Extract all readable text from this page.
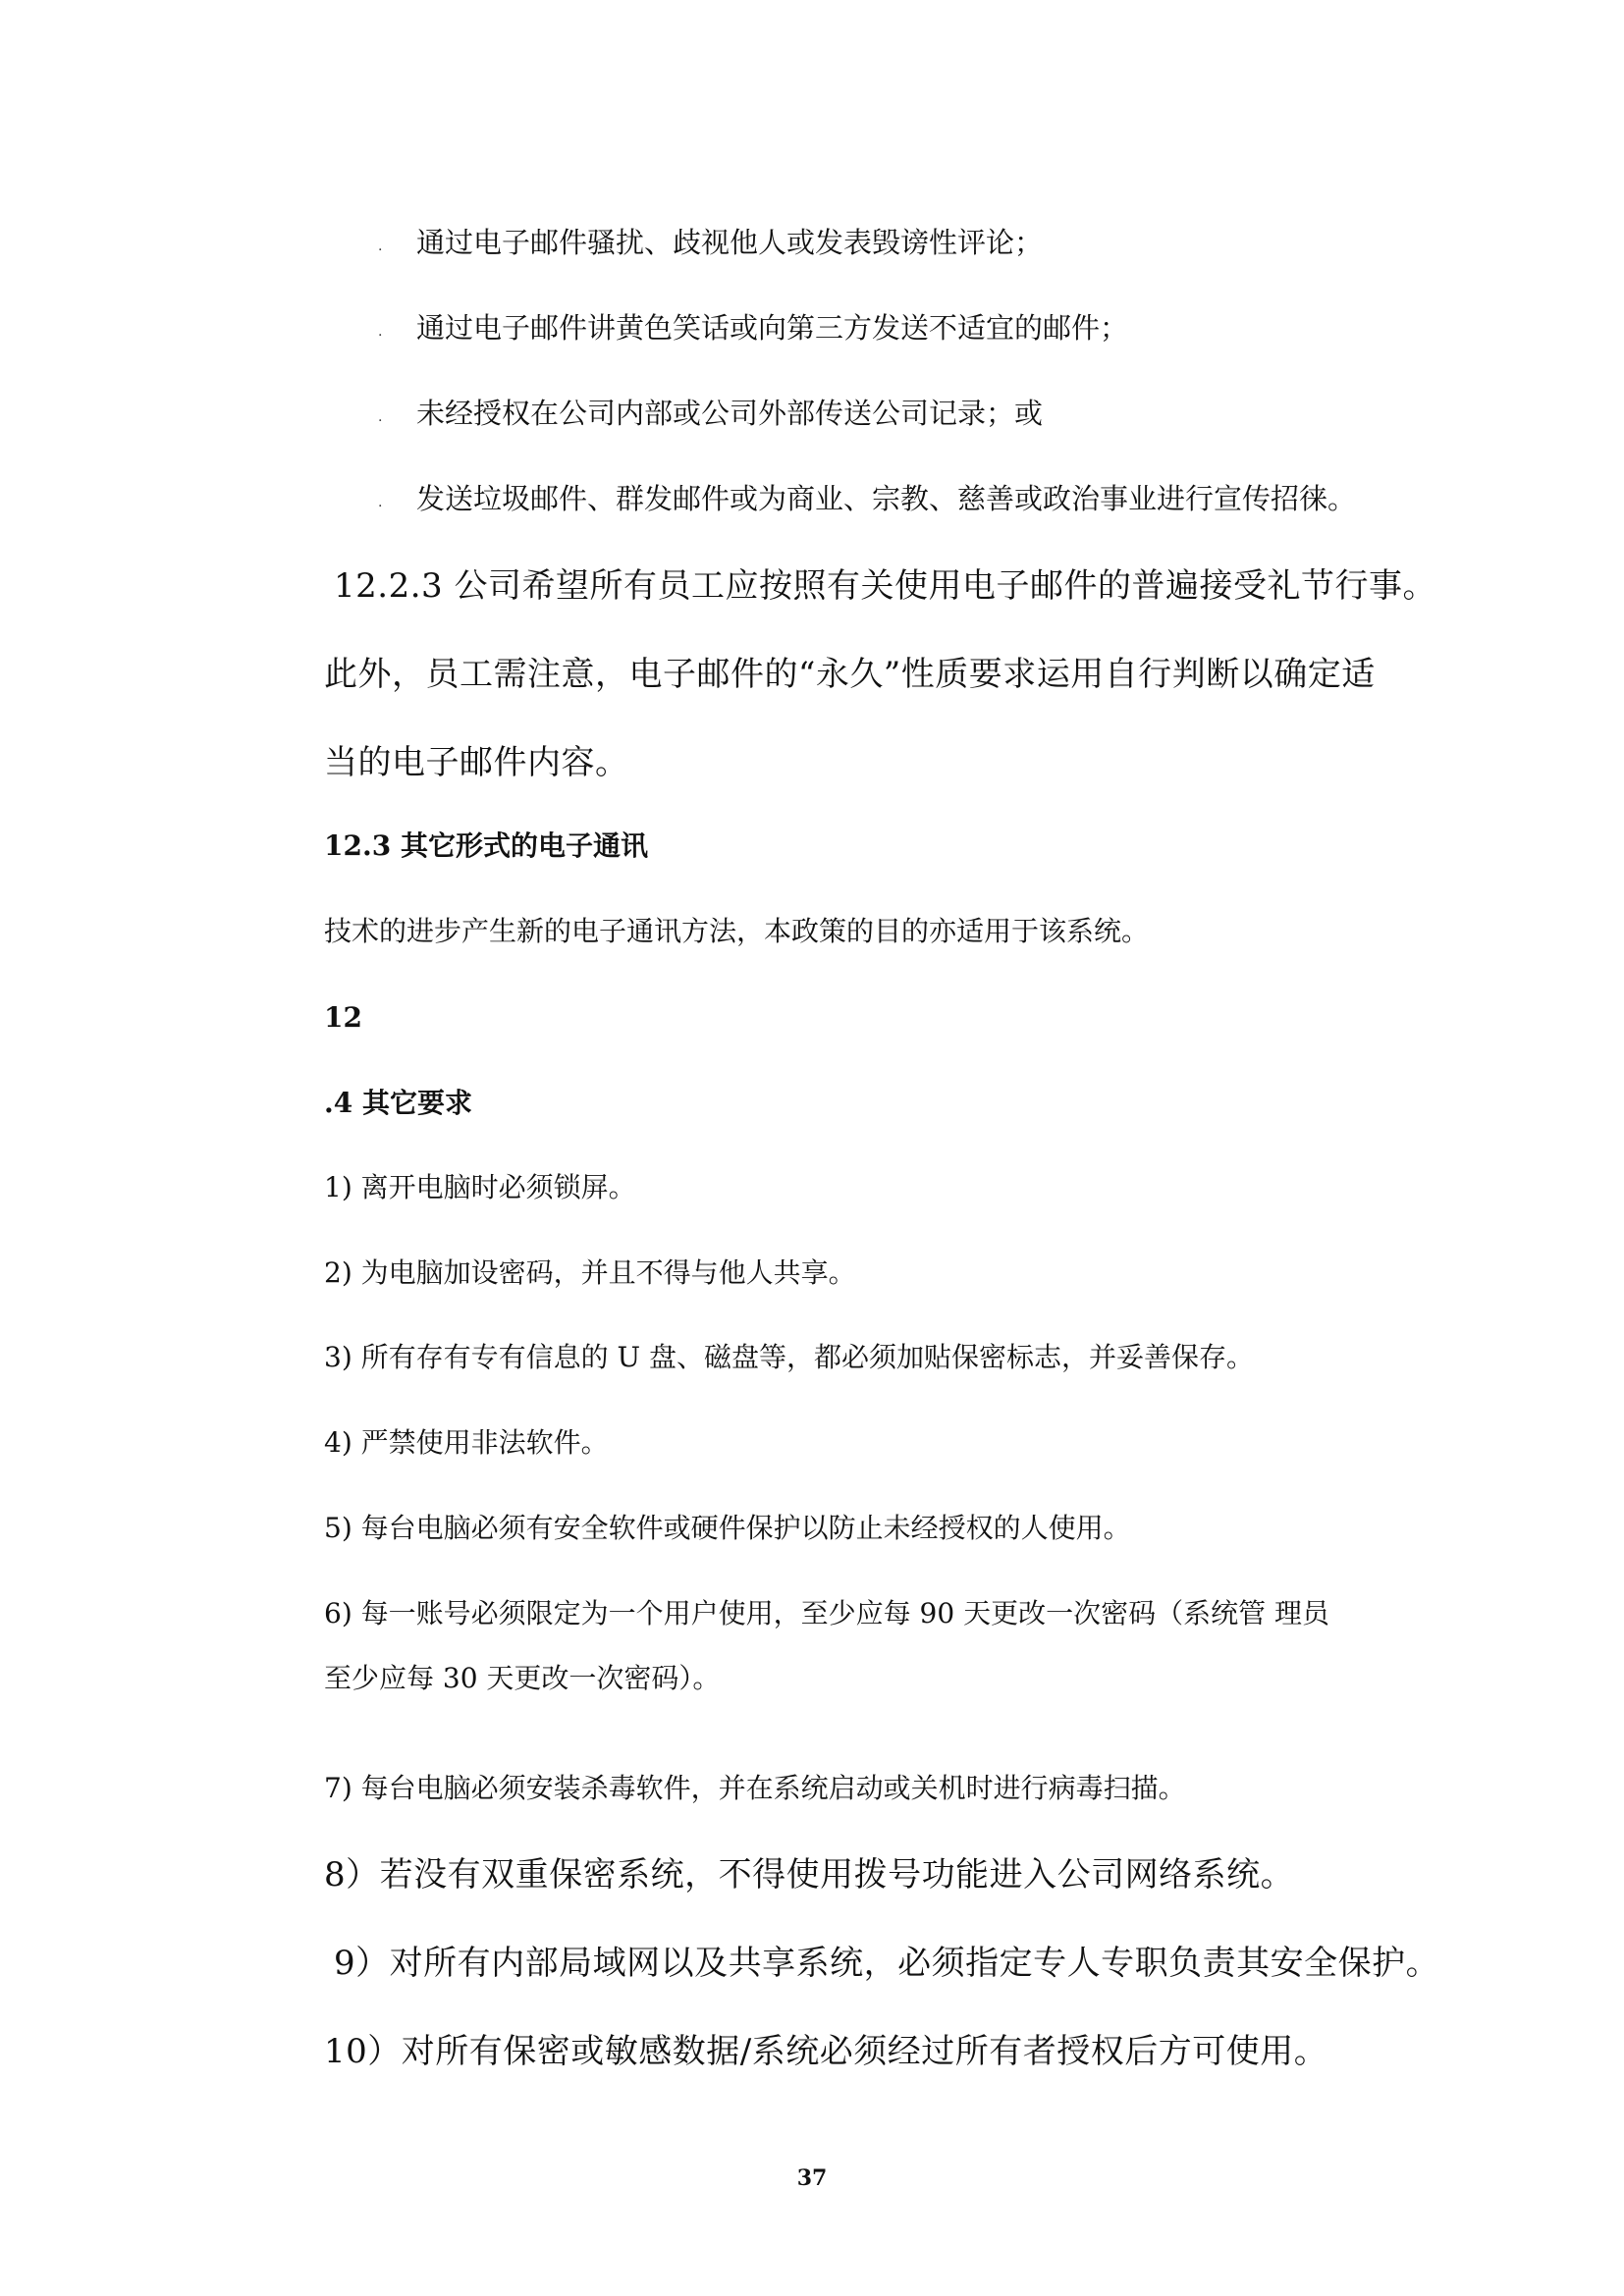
. 通过电子邮件骚扰、歧视他人或发表毁谤性评论；
. 通过电子邮件讲黄色笑话或向第三方发送不适宜的邮件；
. 未经授权在公司内部或公司外部传送公司记录；或
. 发送垃圾邮件、群发邮件或为商业、宗教、慈善或政治事业进行宣传招徕。
12.2.3 公司希望所有员工应按照有关使用电子邮件的普遍接受礼节行事。
此外，员工需注意，电子邮件的“永久”性质要求运用自行判断以确定适
当的电子邮件内容。
12.3 其它形式的电子通讯
技术的进步产生新的电子通讯方法，本政策的目的亦适用于该系统。
12
.4 其它要求
1) 离开电脑时必须锁屏。
2) 为电脑加设密码，并且不得与他人共享。
3) 所有存有专有信息的 U 盘、磁盘等，都必须加贴保密标志，并妥善保存。
4) 严禁使用非法软件。
5) 每台电脑必须有安全软件或硬件保护以防止未经授权的人使用。
6) 每一账号必须限定为一个用户使用，至少应每 90 天更改一次密码（系统管 理员
至少应每 30 天更改一次密码）。
7) 每台电脑必须安装杀毒软件，并在系统启动或关机时进行病毒扫描。
8）若没有双重保密系统，不得使用拨号功能进入公司网络系统。
9）对所有内部局域网以及共享系统，必须指定专人专职负责其安全保护。
10）对所有保密或敏感数据/系统必须经过所有者授权后方可使用。
37
